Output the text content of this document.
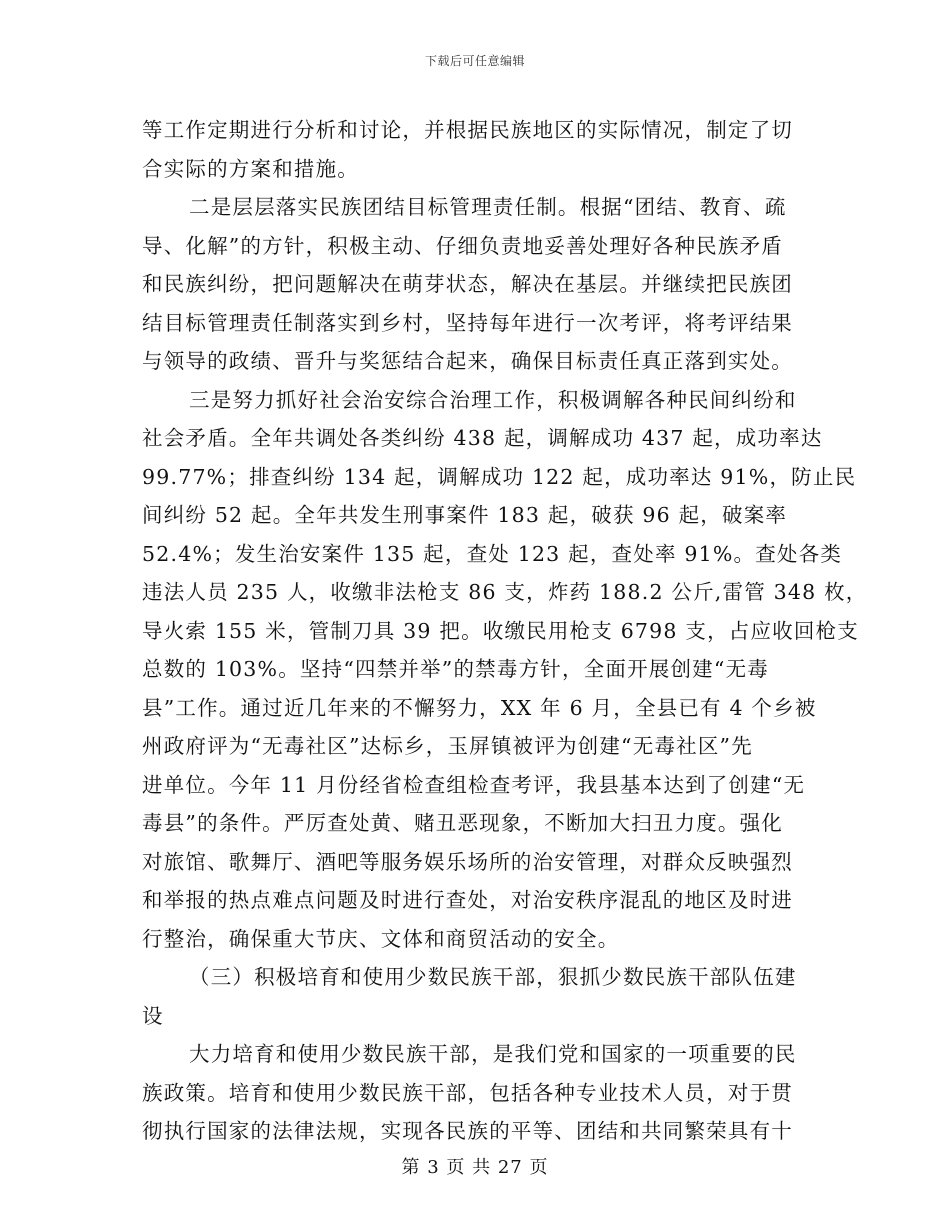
下载后可任意编辑
等工作定期进行分析和讨论，并根据民族地区的实际情况，制定了切
合实际的方案和措施。
二是层层落实民族团结目标管理责任制。根据“团结、教育、疏
导、化解”的方针，积极主动、仔细负责地妥善处理好各种民族矛盾
和民族纠纷，把问题解决在萌芽状态，解决在基层。并继续把民族团
结目标管理责任制落实到乡村，坚持每年进行一次考评，将考评结果
与领导的政绩、晋升与奖惩结合起来，确保目标责任真正落到实处。
三是努力抓好社会治安综合治理工作，积极调解各种民间纠纷和
社会矛盾。全年共调处各类纠纷 438 起，调解成功 437 起，成功率达
99.77%；排查纠纷 134 起，调解成功 122 起，成功率达 91%，防止民
间纠纷 52 起。全年共发生刑事案件 183 起，破获 96 起，破案率
52.4%；发生治安案件 135 起，查处 123 起，查处率 91%。查处各类
违法人员 235 人，收缴非法枪支 86 支，炸药 188.2 公斤,雷管 348 枚，
导火索 155 米，管制刀具 39 把。收缴民用枪支 6798 支，占应收回枪支
总数的 103%。坚持“四禁并举”的禁毒方针，全面开展创建“无毒
县”工作。通过近几年来的不懈努力，XX 年 6 月，全县已有 4 个乡被
州政府评为“无毒社区”达标乡，玉屏镇被评为创建“无毒社区”先
进单位。今年 11 月份经省检查组检查考评，我县基本达到了创建“无
毒县”的条件。严厉查处黄、赌丑恶现象，不断加大扫丑力度。强化
对旅馆、歌舞厅、酒吧等服务娱乐场所的治安管理，对群众反映强烈
和举报的热点难点问题及时进行查处，对治安秩序混乱的地区及时进
行整治，确保重大节庆、文体和商贸活动的安全。
（三）积极培育和使用少数民族干部，狠抓少数民族干部队伍建
设
大力培育和使用少数民族干部，是我们党和国家的一项重要的民
族政策。培育和使用少数民族干部，包括各种专业技术人员，对于贯
彻执行国家的法律法规，实现各民族的平等、团结和共同繁荣具有十
第 3 页 共 27 页
